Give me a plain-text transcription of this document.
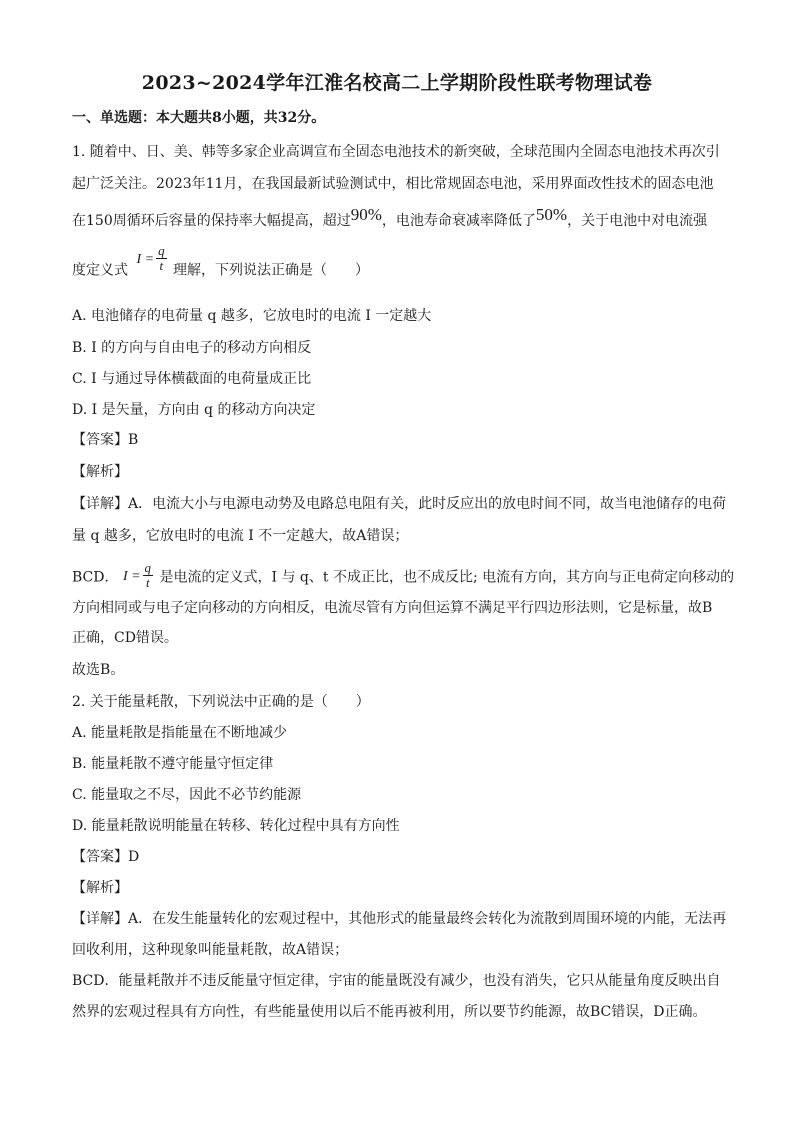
2023~2024学年江淮名校高二上学期阶段性联考物理试卷
一、单选题：本大题共8小题，共32分。
1. 随着中、日、美、韩等多家企业高调宣布全固态电池技术的新突破，全球范围内全固态电池技术再次引
起广泛关注。2023年11月，在我国最新试验测试中，相比常规固态电池，采用界面改性技术的固态电池
在150周循环后容量的保持率大幅提高，超过90%，电池寿命衰减率降低了50%，关于电池中对电流强
度定义式 $I = \frac{q}{t}$ 理解，下列说法正确是（　　）
A. 电池储存的电荷量 q 越多，它放电时的电流 I 一定越大
B. I 的方向与自由电子的移动方向相反
C. I 与通过导体横截面的电荷量成正比
D. I 是矢量，方向由 q 的移动方向决定
【答案】B
【解析】
【详解】A．电流大小与电源电动势及电路总电阻有关，此时反应出的放电时间不同，故当电池储存的电荷
量 q 越多，它放电时的电流 I 不一定越大，故A错误；
BCD． $I = \frac{q}{t}$ 是电流的定义式，I 与 q、t 不成正比，也不成反比; 电流有方向，其方向与正电荷定向移动的
方向相同或与电子定向移动的方向相反，电流尽管有方向但运算不满足平行四边形法则，它是标量，故B
正确，CD错误。
故选B。
2. 关于能量耗散，下列说法中正确的是（　　）
A. 能量耗散是指能量在不断地减少
B. 能量耗散不遵守能量守恒定律
C. 能量取之不尽，因此不必节约能源
D. 能量耗散说明能量在转移、转化过程中具有方向性
【答案】D
【解析】
【详解】A．在发生能量转化的宏观过程中，其他形式的能量最终会转化为流散到周围环境的内能，无法再
回收利用，这种现象叫能量耗散，故A错误；
BCD．能量耗散并不违反能量守恒定律，宇宙的能量既没有减少，也没有消失，它只从能量角度反映出自
然界的宏观过程具有方向性，有些能量使用以后不能再被利用，所以要节约能源，故BC错误，D正确。
